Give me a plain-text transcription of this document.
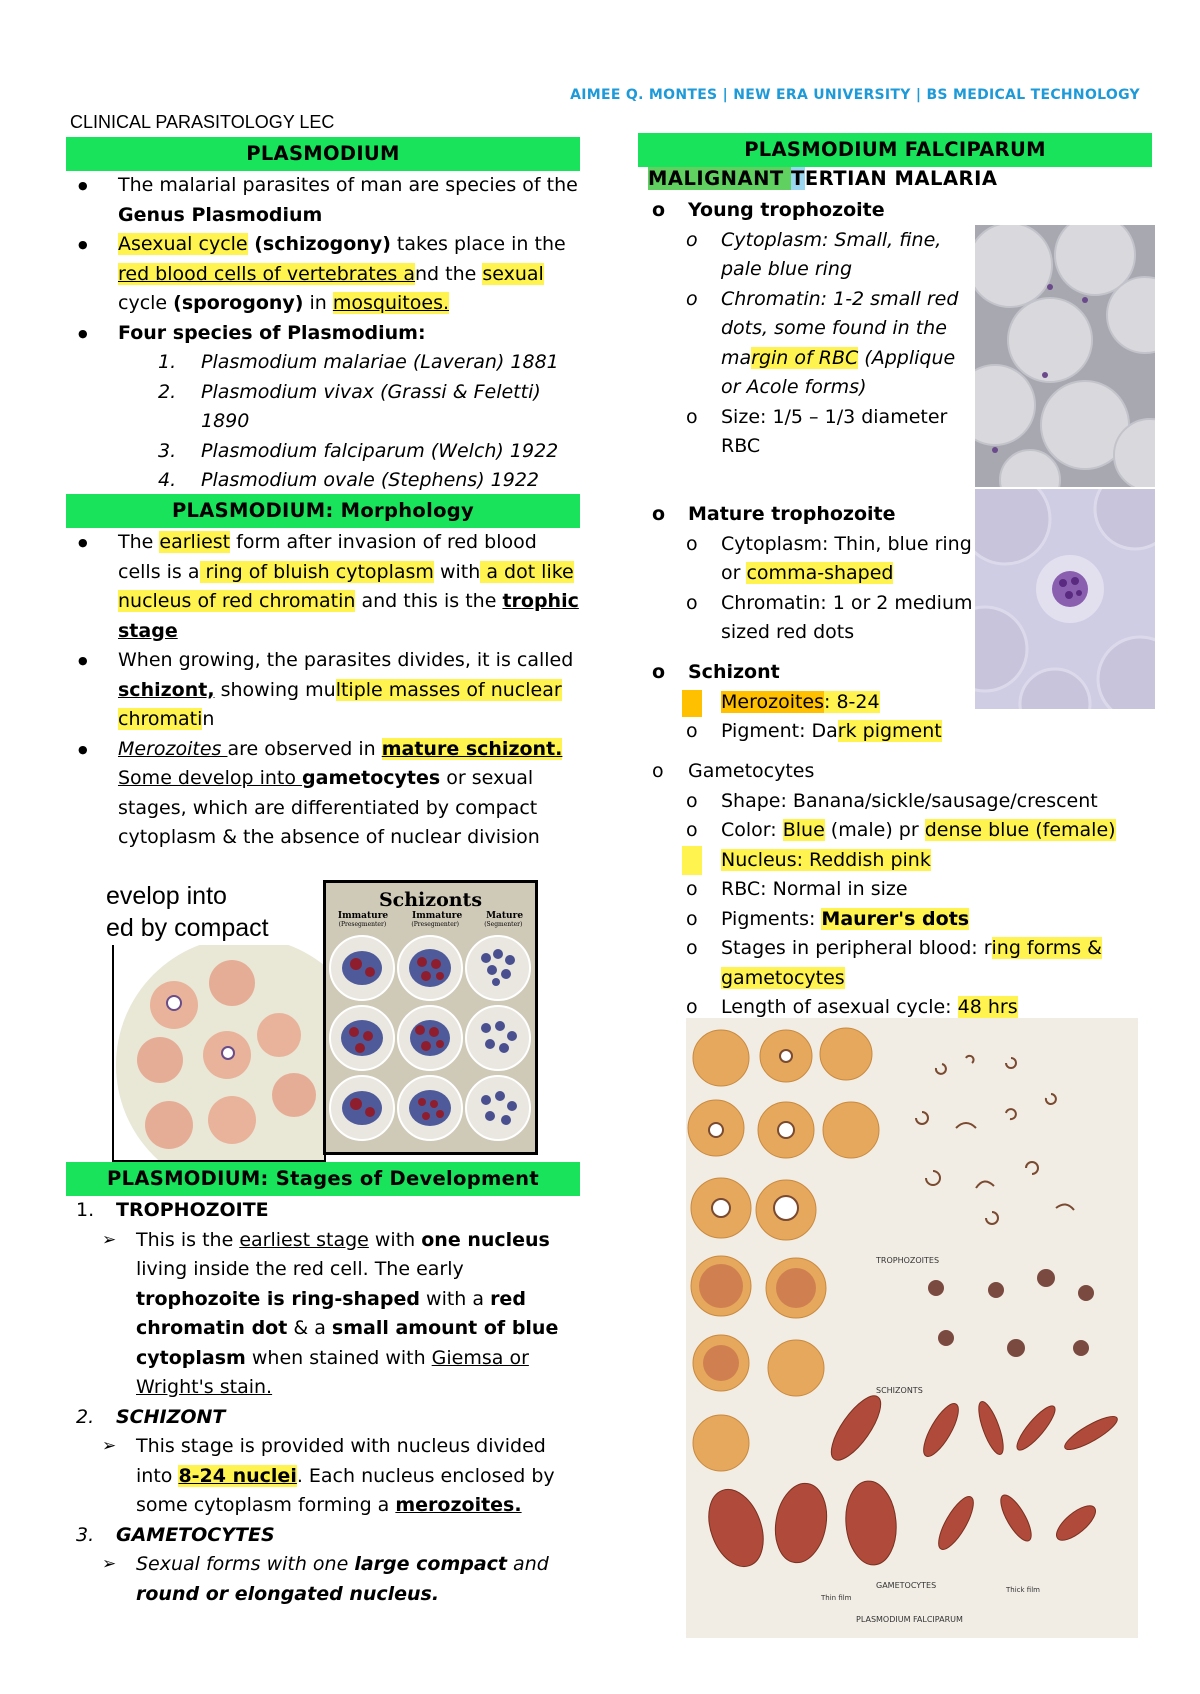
AIMEE Q. MONTES | NEW ERA UNIVERSITY | BS MEDICAL TECHNOLOGY
CLINICAL PARASITOLOGY LEC
PLASMODIUM
● The malarial parasites of man are species of the Genus Plasmodium
● Asexual cycle (schizogony) takes place in the red blood cells of vertebrates and the sexual cycle (sporogony) in mosquitoes.
● Four species of Plasmodium:
1. Plasmodium malariae (Laveran) 1881
2. Plasmodium vivax (Grassi & Feletti) 1890
3. Plasmodium falciparum (Welch) 1922
4. Plasmodium ovale (Stephens) 1922
PLASMODIUM: Morphology
● The earliest form after invasion of red blood cells is a ring of bluish cytoplasm with a dot like nucleus of red chromatin and this is the trophic stage
● When growing, the parasites divides, it is called schizont, showing multiple masses of nuclear chromatin
● Merozoites are observed in mature schizont. Some develop into gametocytes or sexual stages, which are differentiated by compact cytoplasm & the absence of nuclear division
evelop into
ed by compact
Schizonts
Immature	Immature	Mature
(Presegmenter)	(Presegmenter)	(Segmenter)
PLASMODIUM: Stages of Development
1. TROPHOZOITE
➢ This is the earliest stage with one nucleus living inside the red cell. The early trophozoite is ring-shaped with a red chromatin dot & a small amount of blue cytoplasm when stained with Giemsa or Wright's stain.
2. SCHIZONT
➢ This stage is provided with nucleus divided into 8-24 nuclei. Each nucleus enclosed by some cytoplasm forming a merozoites.
3. GAMETOCYTES
➢ Sexual forms with one large compact and round or elongated nucleus.
PLASMODIUM FALCIPARUM
MALIGNANT TERTIAN MALARIA
o Young trophozoite
o Cytoplasm: Small, fine, pale blue ring
o Chromatin: 1-2 small red dots, some found in the margin of RBC (Applique or Acole forms)
o Size: 1/5 – 1/3 diameter RBC
o Mature trophozoite
o Cytoplasm: Thin, blue ring or comma-shaped
o Chromatin: 1 or 2 medium sized red dots
o Schizont
o Merozoites: 8-24
o Pigment: Dark pigment
o Gametocytes
o Shape: Banana/sickle/sausage/crescent
o Color: Blue (male) pr dense blue (female)
o Nucleus: Reddish pink
o RBC: Normal in size
o Pigments: Maurer's dots
o Stages in peripheral blood: ring forms & gametocytes
o Length of asexual cycle: 48 hrs
TROPHOZOITES
SCHIZONTS
GAMETOCYTES
Thin film
Thick film
PLASMODIUM FALCIPARUM
